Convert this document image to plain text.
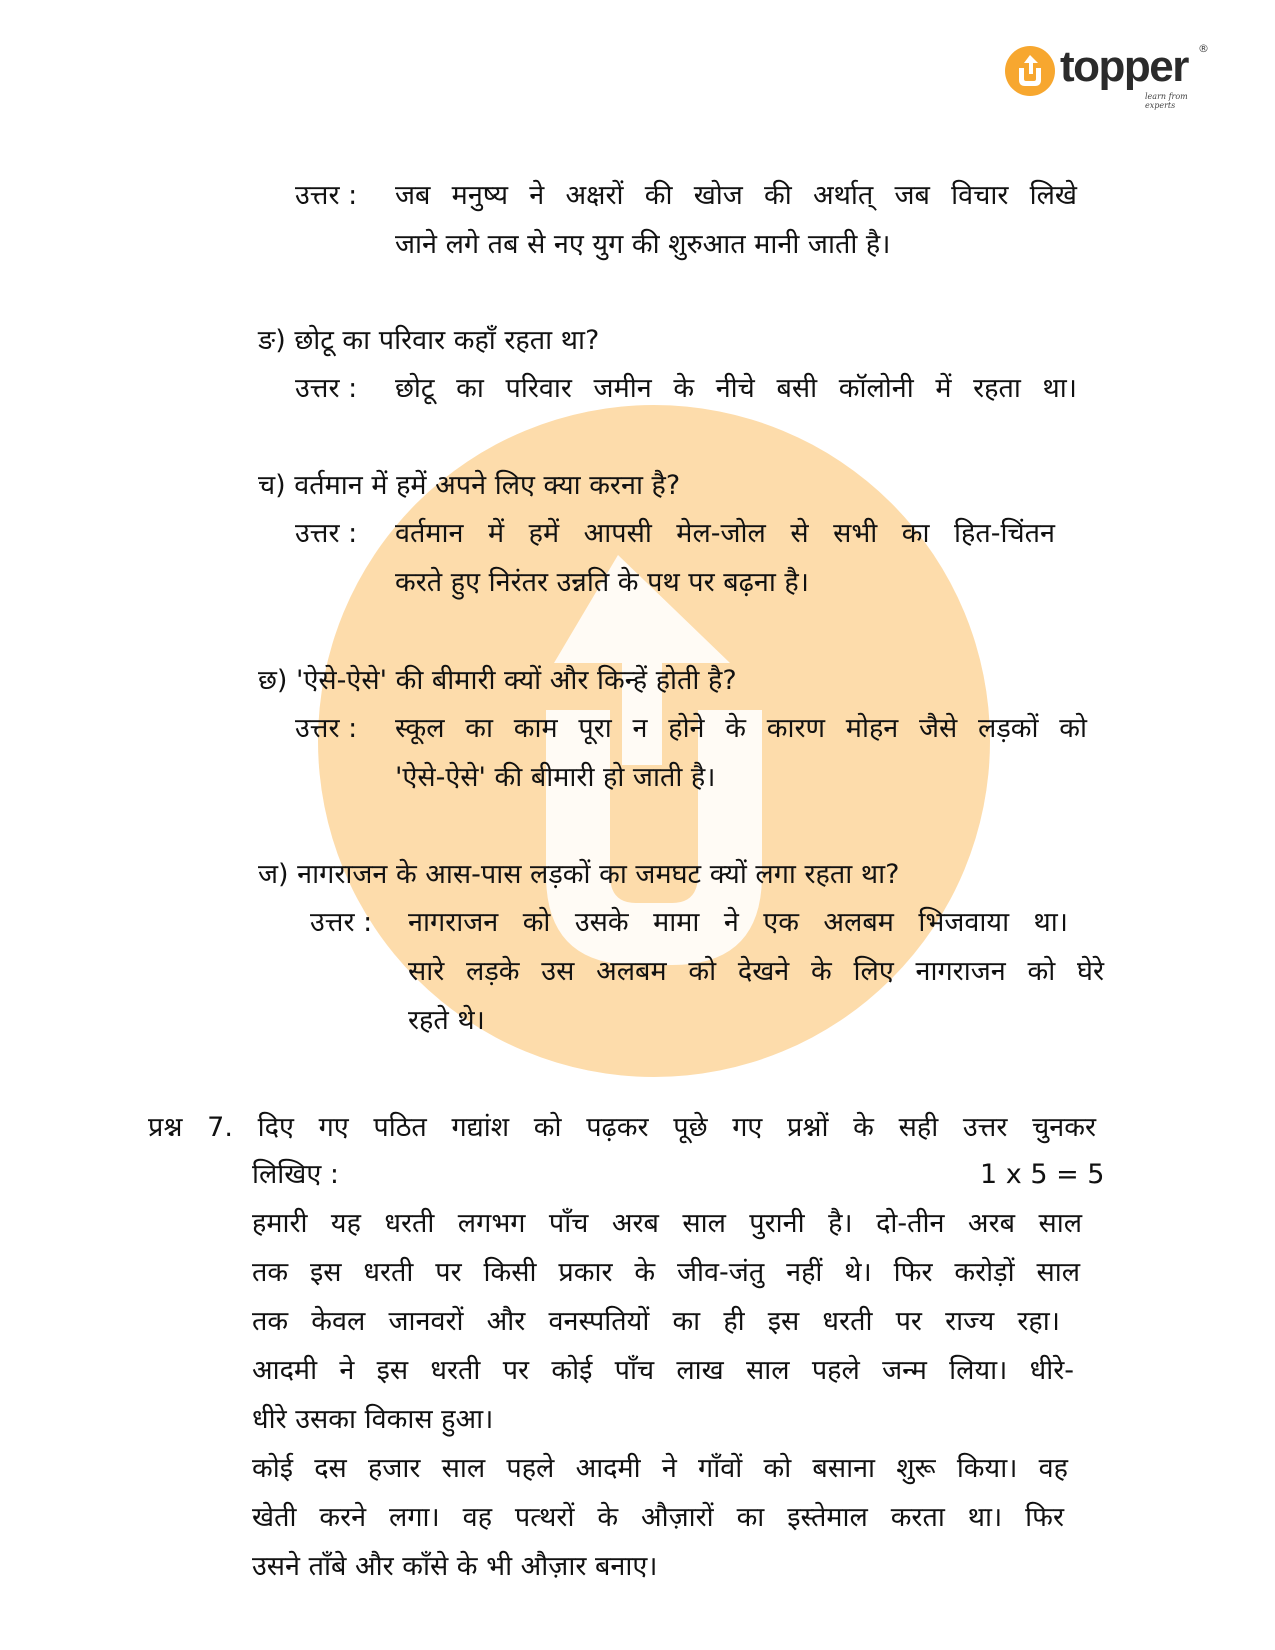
topper ®
learn from experts
उत्तर : जब मनुष्य ने अक्षरों की खोज की अर्थात् जब विचार लिखे
जाने लगे तब से नए युग की शुरुआत मानी जाती है।
ङ) छोटू का परिवार कहाँ रहता था?
उत्तर : छोटू का परिवार जमीन के नीचे बसी कॉलोनी में रहता था।
च) वर्तमान में हमें अपने लिए क्या करना है?
उत्तर : वर्तमान में हमें आपसी मेल-जोल से सभी का हित-चिंतन
करते हुए निरंतर उन्नति के पथ पर बढ़ना है।
छ) 'ऐसे-ऐसे' की बीमारी क्यों और किन्हें होती है?
उत्तर : स्कूल का काम पूरा न होने के कारण मोहन जैसे लड़कों को
'ऐसे-ऐसे' की बीमारी हो जाती है।
ज) नागराजन के आस-पास लड़कों का जमघट क्यों लगा रहता था?
उत्तर : नागराजन को उसके मामा ने एक अलबम भिजवाया था।
सारे लड़के उस अलबम को देखने के लिए नागराजन को घेरे
रहते थे।
प्रश्न 7. दिए गए पठित गद्यांश को पढ़कर पूछे गए प्रश्नों के सही उत्तर चुनकर
लिखिए :	1 x 5 = 5
हमारी यह धरती लगभग पाँच अरब साल पुरानी है। दो-तीन अरब साल
तक इस धरती पर किसी प्रकार के जीव-जंतु नहीं थे। फिर करोड़ों साल
तक केवल जानवरों और वनस्पतियों का ही इस धरती पर राज्य रहा।
आदमी ने इस धरती पर कोई पाँच लाख साल पहले जन्म लिया। धीरे-
धीरे उसका विकास हुआ।
कोई दस हजार साल पहले आदमी ने गाँवों को बसाना शुरू किया। वह
खेती करने लगा। वह पत्थरों के औज़ारों का इस्तेमाल करता था। फिर
उसने ताँबे और काँसे के भी औज़ार बनाए।
